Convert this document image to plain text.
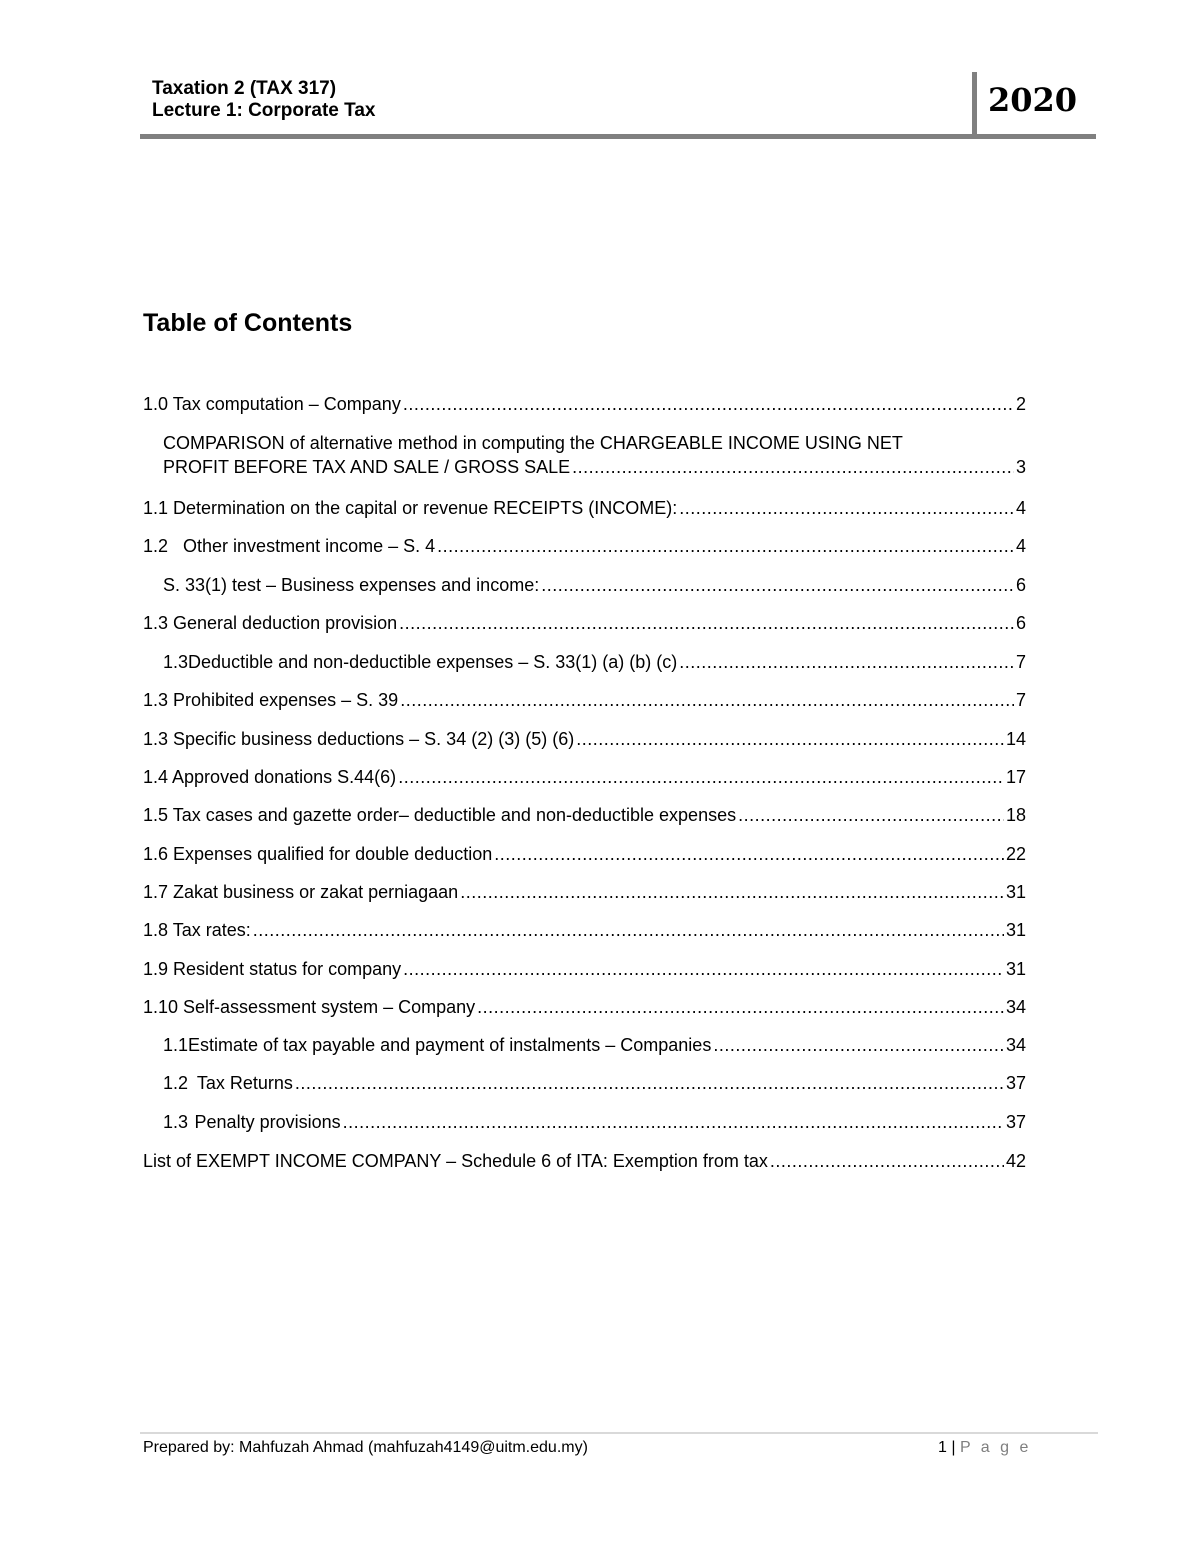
Taxation 2 (TAX 317)
Lecture 1: Corporate Tax	2020
Table of Contents
1.0 Tax computation – Company .....	2
COMPARISON of alternative method in computing the CHARGEABLE INCOME USING NET
PROFIT BEFORE TAX AND SALE / GROSS SALE .....	3
1.1 Determination on the capital or revenue RECEIPTS (INCOME): .....	4
1.2   Other investment income – S. 4 .....	4
S. 33(1) test – Business expenses and income: .....	6
1.3 General deduction provision .....	6
1.3 Deductible and non-deductible expenses – S. 33(1) (a) (b) (c) .....	7
1.3 Prohibited expenses – S. 39 .....	7
1.3 Specific business deductions – S. 34 (2) (3) (5) (6) .....	14
1.4 Approved donations S.44(6) .....	17
1.5 Tax cases and gazette order– deductible and non-deductible expenses .....	18
1.6 Expenses qualified for double deduction .....	22
1.7 Zakat business or zakat perniagaan .....	31
1.8 Tax rates: .....	31
1.9 Resident status for company .....	31
1.10 Self-assessment system – Company .....	34
1.1 Estimate of tax payable and payment of instalments – Companies .....	34
1.2 Tax Returns .....	37
1.3 Penalty provisions .....	37
List of EXEMPT INCOME COMPANY – Schedule 6 of ITA: Exemption from tax .....	42
Prepared by: Mahfuzah Ahmad (mahfuzah4149@uitm.edu.my)	1 | P a g e
